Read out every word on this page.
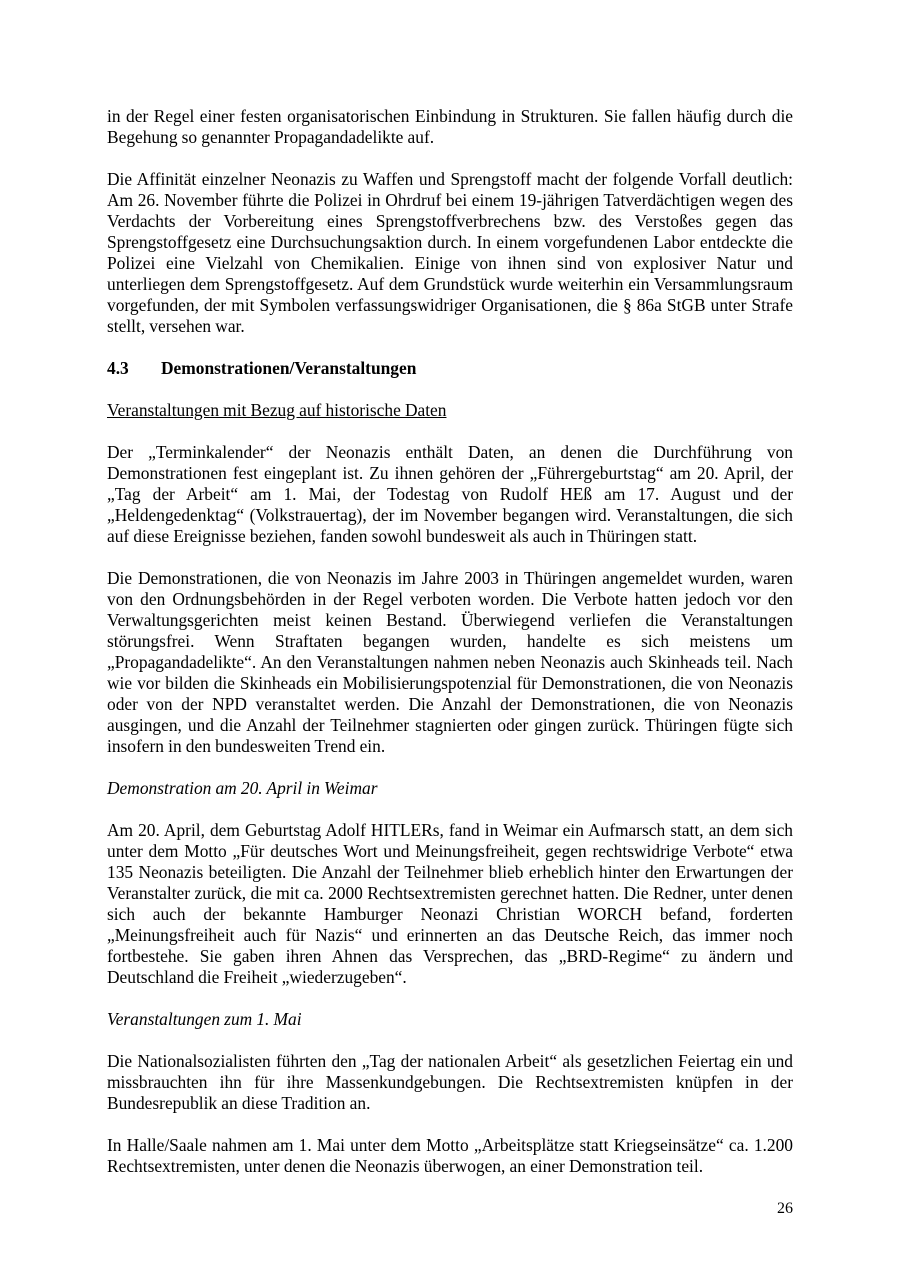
in der Regel einer festen organisatorischen Einbindung in Strukturen. Sie fallen häufig durch die Begehung so genannter Propagandadelikte auf.

Die Affinität einzelner Neonazis zu Waffen und Sprengstoff macht der folgende Vorfall deutlich: Am 26. November führte die Polizei in Ohrdruf bei einem 19-jährigen Tatverdächtigen wegen des Verdachts der Vorbereitung eines Sprengstoffverbrechens bzw. des Verstoßes gegen das Sprengstoffgesetz eine Durchsuchungsaktion durch. In einem vorgefundenen Labor entdeckte die Polizei eine Vielzahl von Chemikalien. Einige von ihnen sind von explosiver Natur und unterliegen dem Sprengstoffgesetz. Auf dem Grundstück wurde weiterhin ein Versammlungsraum vorgefunden, der mit Symbolen verfassungswidriger Organisationen, die § 86a StGB unter Strafe stellt, versehen war.

4.3	Demonstrationen/Veranstaltungen

Veranstaltungen mit Bezug auf historische Daten

Der „Terminkalender“ der Neonazis enthält Daten, an denen die Durchführung von Demonstrationen fest eingeplant ist. Zu ihnen gehören der „Führergeburtstag“ am 20. April, der „Tag der Arbeit“ am 1. Mai, der Todestag von Rudolf HEß am 17. August und der „Heldengedenktag“ (Volkstrauertag), der im November begangen wird. Veranstaltungen, die sich auf diese Ereignisse beziehen, fanden sowohl bundesweit als auch in Thüringen statt.

Die Demonstrationen, die von Neonazis im Jahre 2003 in Thüringen angemeldet wurden, waren von den Ordnungsbehörden in der Regel verboten worden. Die Verbote hatten jedoch vor den Verwaltungsgerichten meist keinen Bestand. Überwiegend verliefen die Veranstaltungen störungsfrei. Wenn Straftaten begangen wurden, handelte es sich meistens um „Propagandadelikte“. An den Veranstaltungen nahmen neben Neonazis auch Skinheads teil. Nach wie vor bilden die Skinheads ein Mobilisierungspotenzial für Demonstrationen, die von Neonazis oder von der NPD veranstaltet werden. Die Anzahl der Demonstrationen, die von Neonazis ausgingen, und die Anzahl der Teilnehmer stagnierten oder gingen zurück. Thüringen fügte sich insofern in den bundesweiten Trend ein.

Demonstration am 20. April in Weimar

Am 20. April, dem Geburtstag Adolf HITLERs, fand in Weimar ein Aufmarsch statt, an dem sich unter dem Motto „Für deutsches Wort und Meinungsfreiheit, gegen rechtswidrige Verbote“ etwa 135 Neonazis beteiligten. Die Anzahl der Teilnehmer blieb erheblich hinter den Erwartungen der Veranstalter zurück, die mit ca. 2000 Rechtsextremisten gerechnet hatten. Die Redner, unter denen sich auch der bekannte Hamburger Neonazi Christian WORCH befand, forderten „Meinungsfreiheit auch für Nazis“ und erinnerten an das Deutsche Reich, das immer noch fortbestehe. Sie gaben ihren Ahnen das Versprechen, das „BRD-Regime“ zu ändern und Deutschland die Freiheit „wiederzugeben“.

Veranstaltungen zum 1. Mai

Die Nationalsozialisten führten den „Tag der nationalen Arbeit“ als gesetzlichen Feiertag ein und missbrauchten ihn für ihre Massenkundgebungen. Die Rechtsextremisten knüpfen in der Bundesrepublik an diese Tradition an.

In Halle/Saale nahmen am 1. Mai unter dem Motto „Arbeitsplätze statt Kriegseinsätze“ ca. 1.200 Rechtsextremisten, unter denen die Neonazis überwogen, an einer Demonstration teil.

26
